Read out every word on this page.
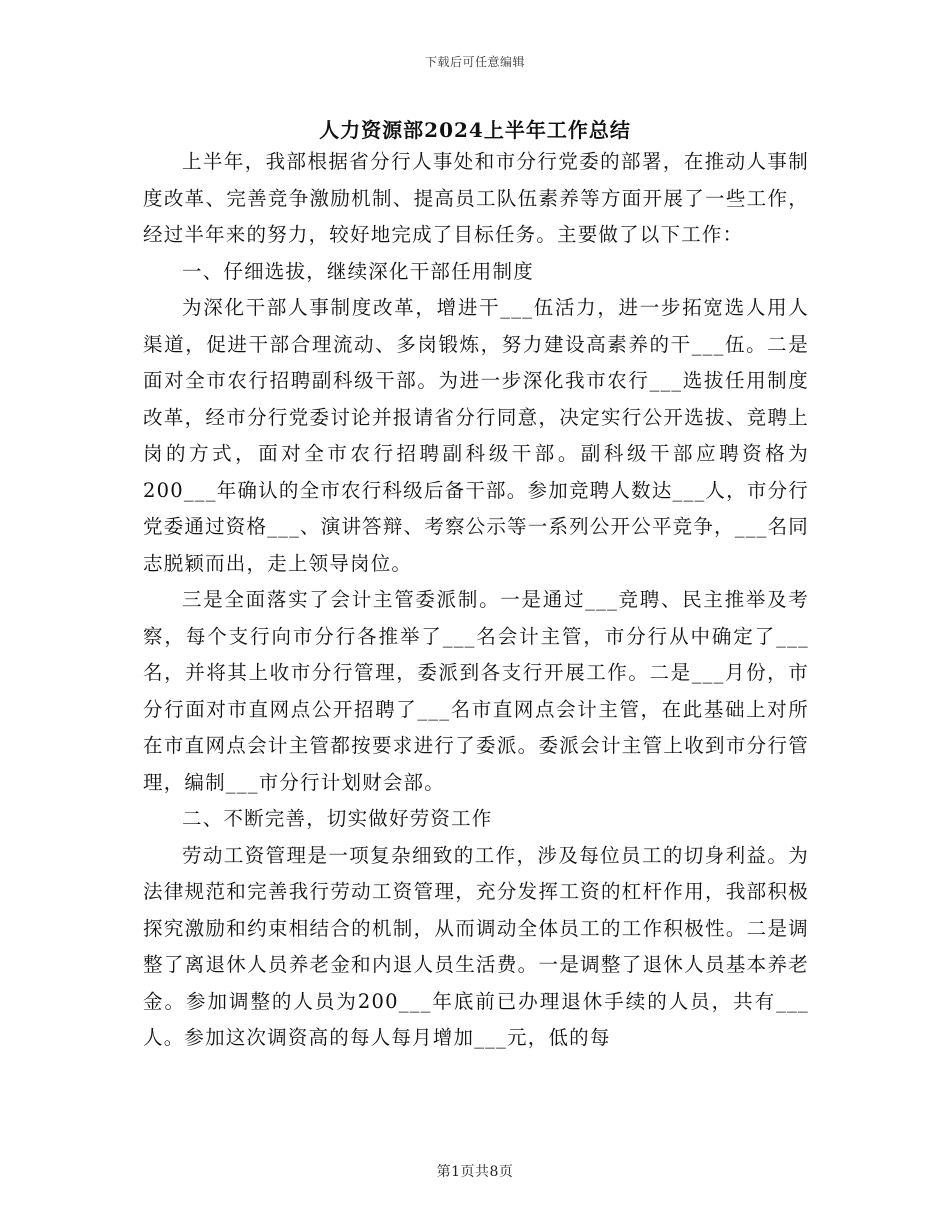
下载后可任意编辑
人力资源部2024上半年工作总结

上半年，我部根据省分行人事处和市分行党委的部署，在推动人事制度改革、完善竞争激励机制、提高员工队伍素养等方面开展了一些工作，经过半年来的努力，较好地完成了目标任务。主要做了以下工作：

一、仔细选拔，继续深化干部任用制度

为深化干部人事制度改革，增进干___伍活力，进一步拓宽选人用人渠道，促进干部合理流动、多岗锻炼，努力建设高素养的干___伍。二是面对全市农行招聘副科级干部。为进一步深化我市农行___选拔任用制度改革，经市分行党委讨论并报请省分行同意，决定实行公开选拔、竞聘上岗的方式，面对全市农行招聘副科级干部。副科级干部应聘资格为200___年确认的全市农行科级后备干部。参加竞聘人数达___人，市分行党委通过资格___、演讲答辩、考察公示等一系列公开公平竞争，___名同志脱颖而出，走上领导岗位。

三是全面落实了会计主管委派制。一是通过___竞聘、民主推举及考察，每个支行向市分行各推举了___名会计主管，市分行从中确定了___名，并将其上收市分行管理，委派到各支行开展工作。二是___月份，市分行面对市直网点公开招聘了___名市直网点会计主管，在此基础上对所在市直网点会计主管都按要求进行了委派。委派会计主管上收到市分行管理，编制___市分行计划财会部。

二、不断完善，切实做好劳资工作

劳动工资管理是一项复杂细致的工作，涉及每位员工的切身利益。为法律规范和完善我行劳动工资管理，充分发挥工资的杠杆作用，我部积极探究激励和约束相结合的机制，从而调动全体员工的工作积极性。二是调整了离退休人员养老金和内退人员生活费。一是调整了退休人员基本养老金。参加调整的人员为200___年底前已办理退休手续的人员，共有___人。参加这次调资高的每人每月增加___元，低的每

第1页共8页
